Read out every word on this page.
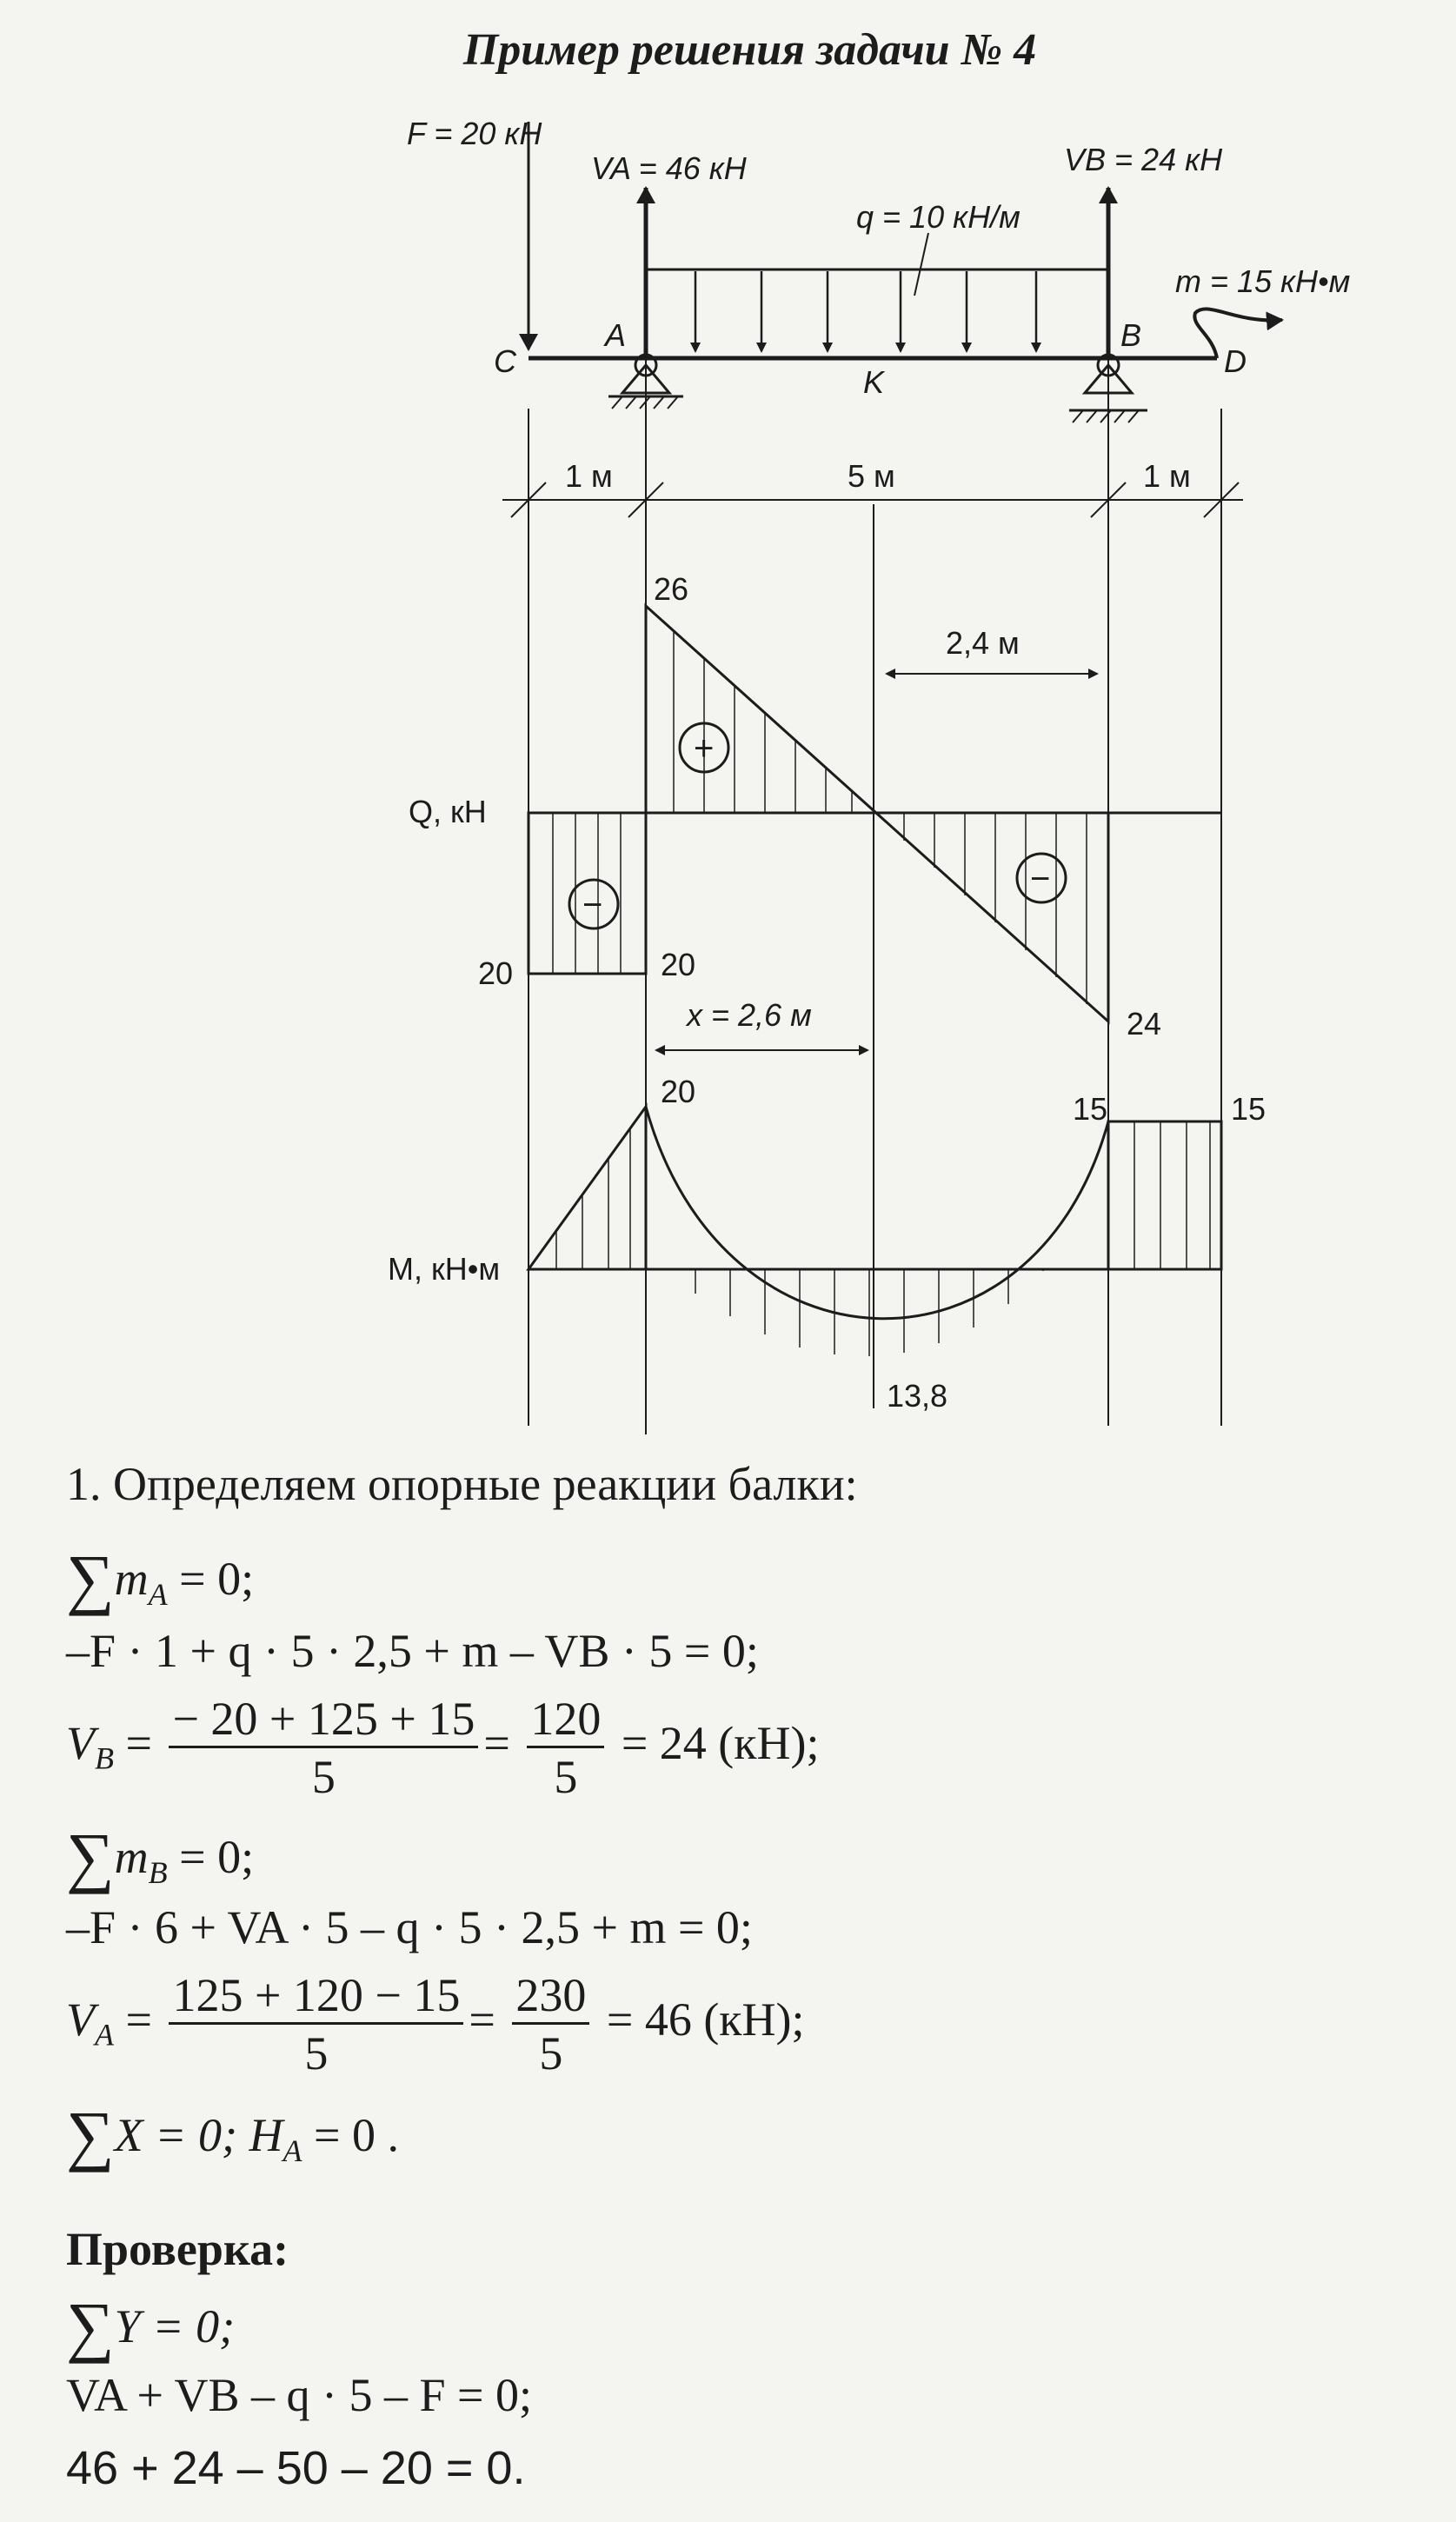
Пример решения задачи № 4
F = 20 кН
VA = 46 кН	VB = 24 кН
q = 10 кН/м
m = 15 кН•м
C
A
K
B
D
1 м	5 м	1 м
Q, кН
26
20	20
24
2,4 м
x = 2,6 м
+
−
−
M, кН•м
20	15	15
13,8
1. Определяем опорные реакции балки:
$\sum m_A = 0$;
–F · 1 + q · 5 · 2,5 + m – VB · 5 = 0;
$V_B = \frac{- 20 + 125 + 15}{5} = \frac{120}{5} = 24$ (кН);
$\sum m_B = 0$;
–F · 6 + VA · 5 – q · 5 · 2,5 + m = 0;
$V_A = \frac{125 + 120 - 15}{5} = \frac{230}{5} = 46$ (кН);
∑X = 0; $H_A = 0$ .
Проверка:
∑Y = 0;
VA + VB – q · 5 – F = 0;
46 + 24 – 50 – 20 = 0.
